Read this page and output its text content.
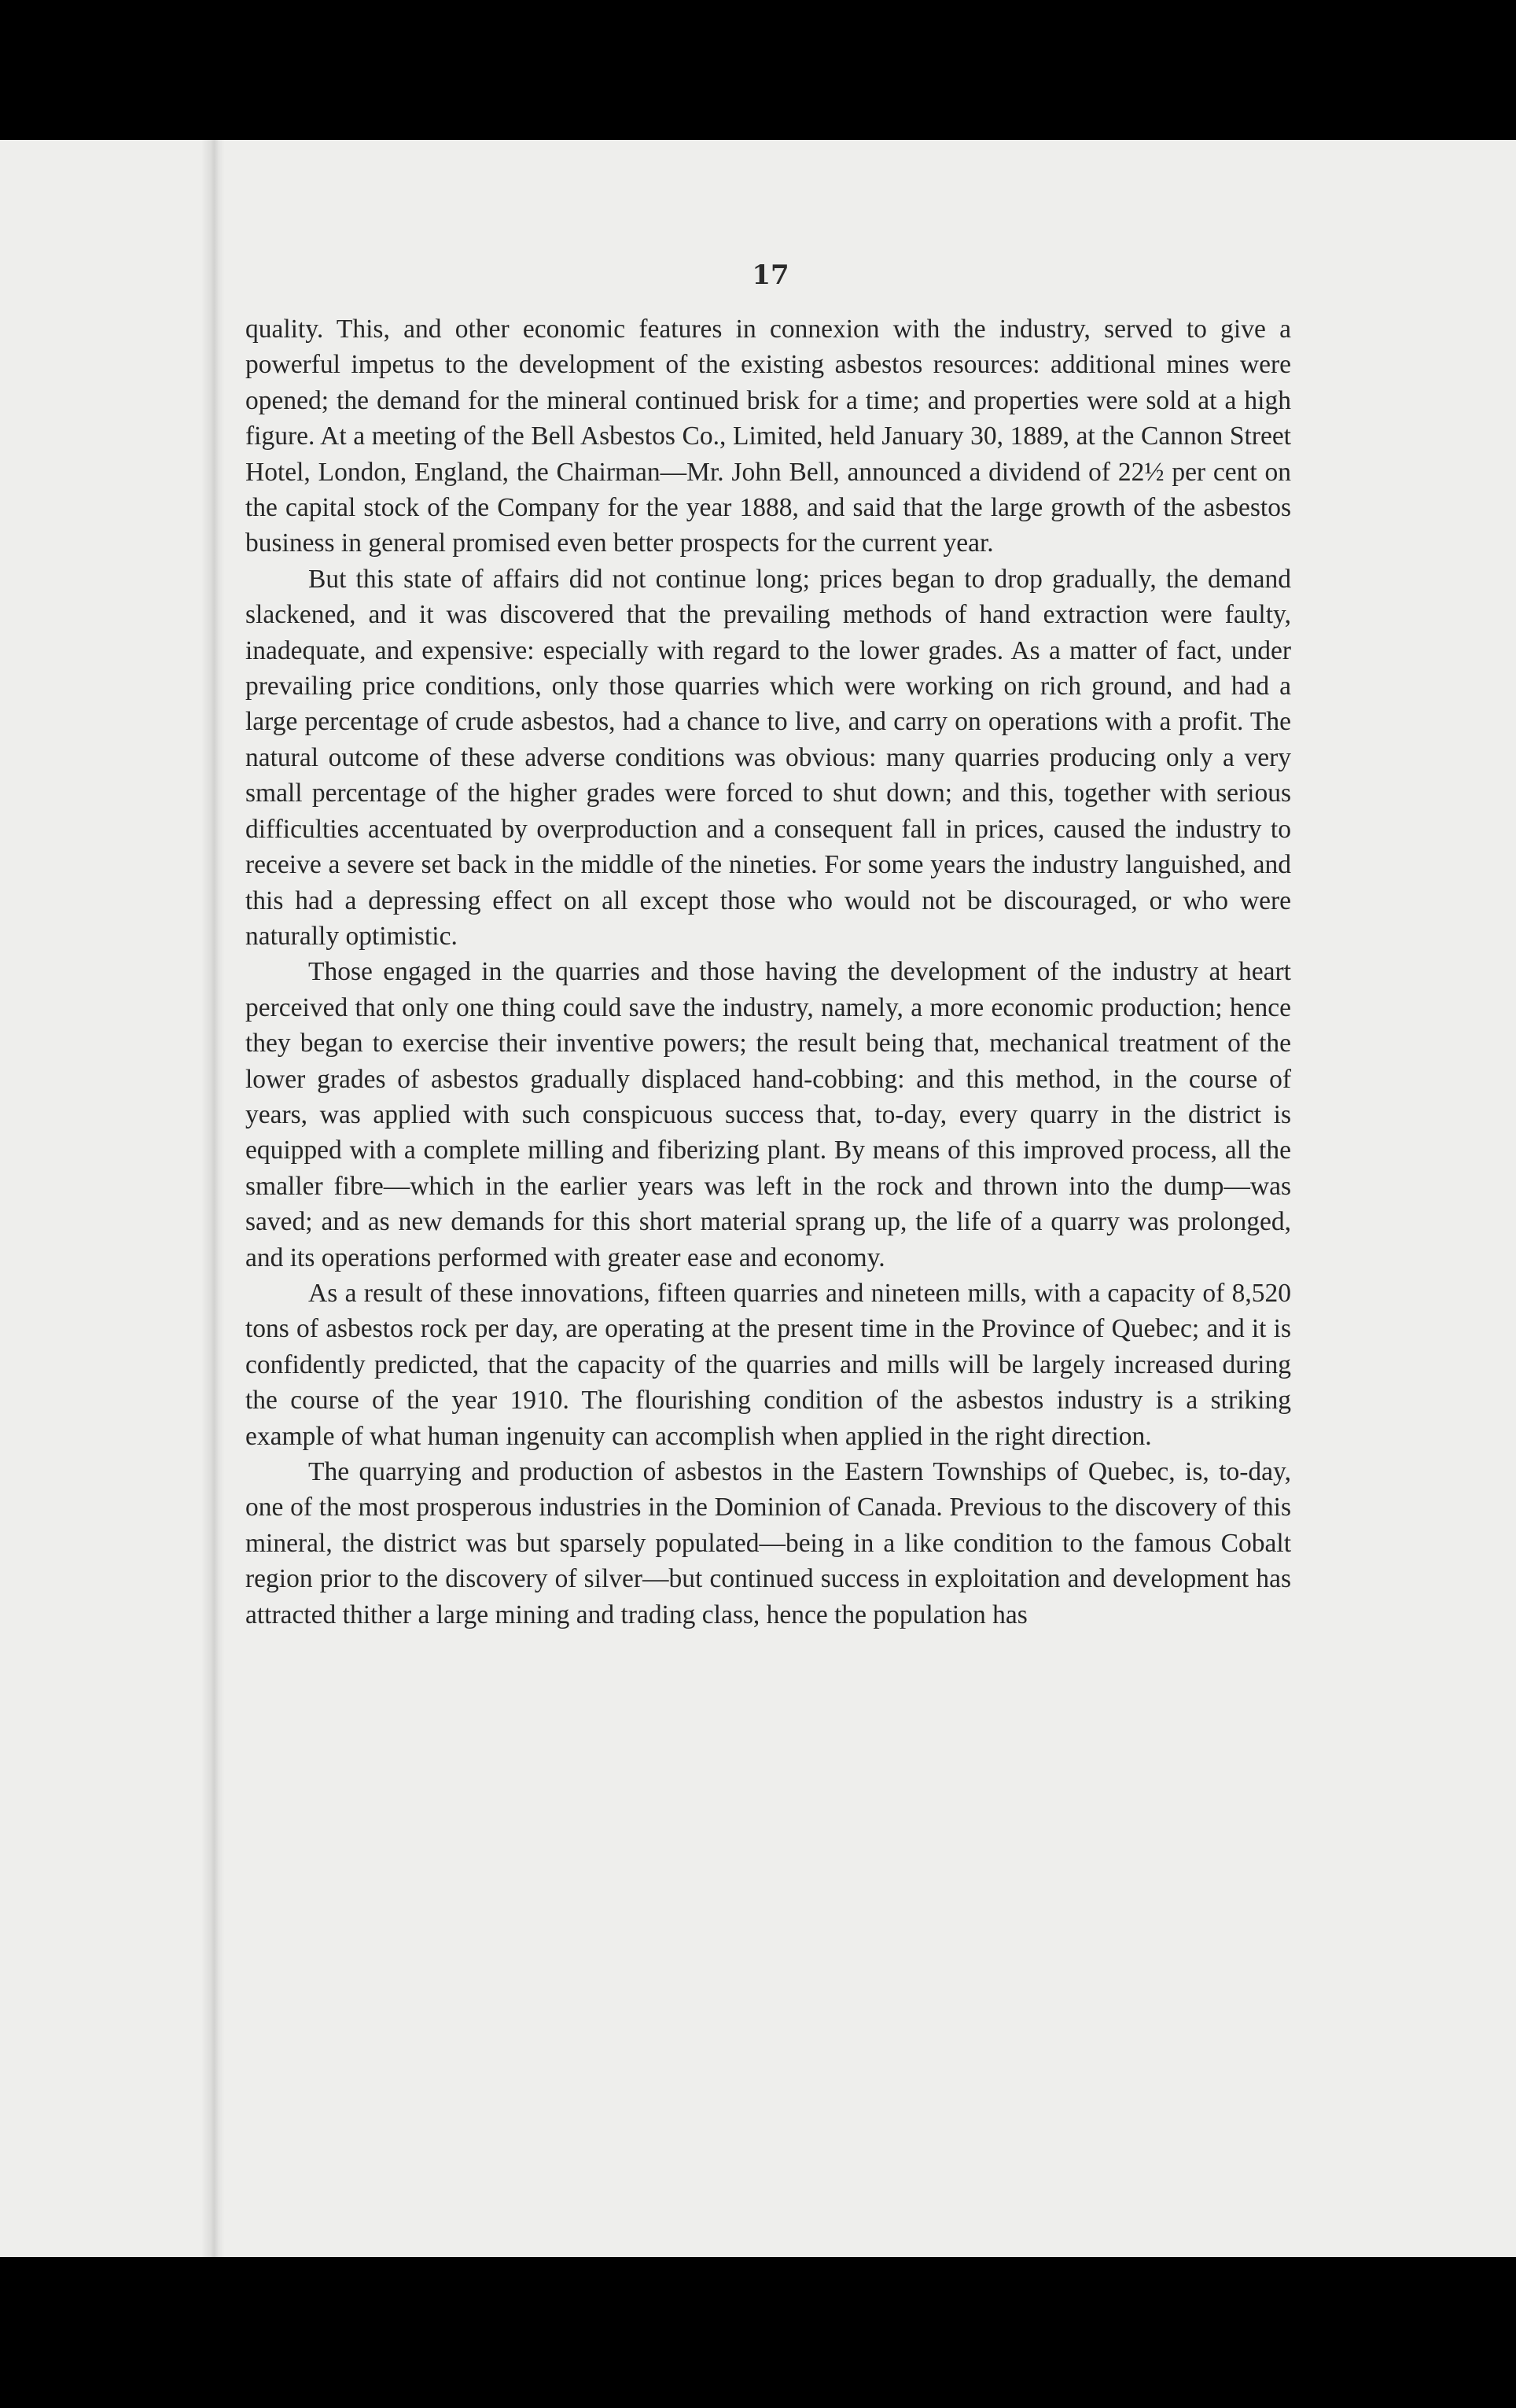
17

quality. This, and other economic features in connexion with the industry, served to give a powerful impetus to the development of the existing asbestos resources: additional mines were opened; the demand for the mineral continued brisk for a time; and properties were sold at a high figure. At a meeting of the Bell Asbestos Co., Limited, held January 30, 1889, at the Cannon Street Hotel, London, England, the Chairman—Mr. John Bell, announced a dividend of 22½ per cent on the capital stock of the Company for the year 1888, and said that the large growth of the asbestos business in general promised even better prospects for the current year.

But this state of affairs did not continue long; prices began to drop gradually, the demand slackened, and it was discovered that the prevailing methods of hand extraction were faulty, inadequate, and expensive: especially with regard to the lower grades. As a matter of fact, under prevailing price conditions, only those quarries which were working on rich ground, and had a large percentage of crude asbestos, had a chance to live, and carry on operations with a profit. The natural outcome of these adverse conditions was obvious: many quarries producing only a very small percentage of the higher grades were forced to shut down; and this, together with serious difficulties accentuated by overproduction and a consequent fall in prices, caused the industry to receive a severe set back in the middle of the nineties. For some years the industry languished, and this had a depressing effect on all except those who would not be discouraged, or who were naturally optimistic.

Those engaged in the quarries and those having the development of the industry at heart perceived that only one thing could save the industry, namely, a more economic production; hence they began to exercise their inventive powers; the result being that, mechanical treatment of the lower grades of asbestos gradually displaced hand-cobbing: and this method, in the course of years, was applied with such conspicuous success that, to-day, every quarry in the district is equipped with a complete milling and fiberizing plant. By means of this improved process, all the smaller fibre—which in the earlier years was left in the rock and thrown into the dump—was saved; and as new demands for this short material sprang up, the life of a quarry was prolonged, and its operations performed with greater ease and economy.

As a result of these innovations, fifteen quarries and nineteen mills, with a capacity of 8,520 tons of asbestos rock per day, are operating at the present time in the Province of Quebec; and it is confidently predicted, that the capacity of the quarries and mills will be largely increased during the course of the year 1910. The flourishing condition of the asbestos industry is a striking example of what human ingenuity can accomplish when applied in the right direction.

The quarrying and production of asbestos in the Eastern Townships of Quebec, is, to-day, one of the most prosperous industries in the Dominion of Canada. Previous to the discovery of this mineral, the district was but sparsely populated—being in a like condition to the famous Cobalt region prior to the discovery of silver—but continued success in exploitation and development has attracted thither a large mining and trading class, hence the population has
